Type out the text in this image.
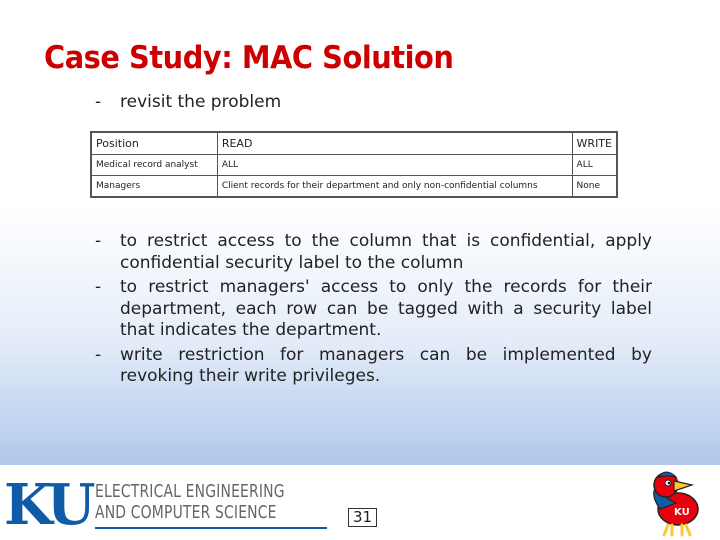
Case Study: MAC Solution
- revisit the problem
Position	READ	WRITE
Medical record analyst	ALL	ALL
Managers	Client records for their department and only non-confidential columns	None
- to restrict access to the column that is confidential, apply confidential security label to the column
- to restrict managers' access to only the records for their department, each row can be tagged with a security label that indicates the department.
- write restriction for managers can be implemented by revoking their write privileges.
KU ELECTRICAL ENGINEERING
AND COMPUTER SCIENCE	31	KU
